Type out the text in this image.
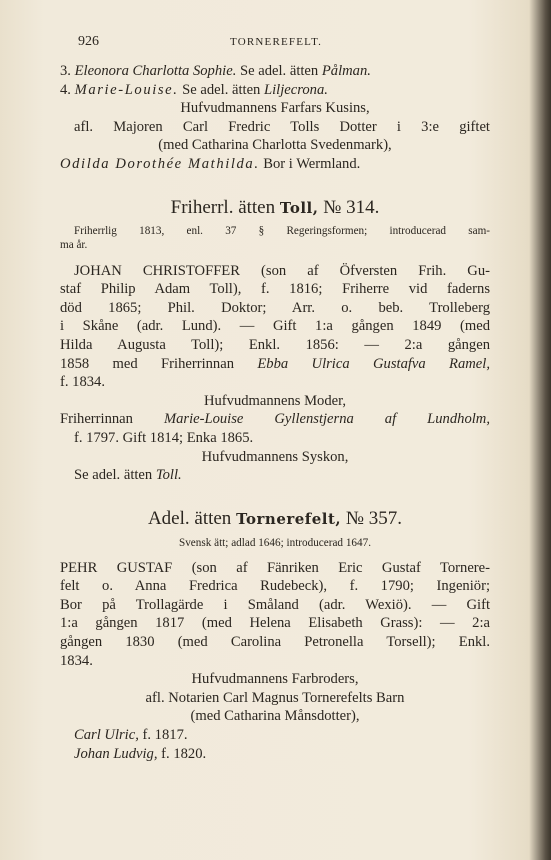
926	TORNEREFELT.
3. Eleonora Charlotta Sophie. Se adel. ätten Pålman.
4. Marie-Louise. Se adel. ätten Liljecrona.
Hufvudmannens Farfars Kusins,
afl. Majoren Carl Fredric Tolls Dotter i 3:e giftet
(med Catharina Charlotta Svedenmark),
Odilda Dorothée Mathilda. Bor i Wermland.
Friherrl. ätten Toll, № 314.
Friherrlig 1813, enl. 37 § Regeringsformen; introducerad sam-
ma år.
JOHAN CHRISTOFFER (son af Öfversten Frih. Gu-
staf Philip Adam Toll), f. 1816; Friherre vid faderns
död 1865; Phil. Doktor; Arr. o. beb. Trolleberg
i Skåne (adr. Lund). — Gift 1:a gången 1849 (med
Hilda Augusta Toll); Enkl. 1856: — 2:a gången
1858 med Friherrinnan Ebba Ulrica Gustafva Ramel,
f. 1834.
Hufvudmannens Moder,
Friherrinnan Marie-Louise Gyllenstjerna af Lundholm,
f. 1797. Gift 1814; Enka 1865.
Hufvudmannens Syskon,
Se adel. ätten Toll.
Adel. ätten Tornerefelt, № 357.
Svensk ätt; adlad 1646; introducerad 1647.
PEHR GUSTAF (son af Fänriken Eric Gustaf Tornere-
felt o. Anna Fredrica Rudebeck), f. 1790; Ingeniör;
Bor på Trollagärde i Småland (adr. Wexiö). — Gift
1:a gången 1817 (med Helena Elisabeth Grass): — 2:a
gången 1830 (med Carolina Petronella Torsell); Enkl.
1834.
Hufvudmannens Farbroders,
afl. Notarien Carl Magnus Tornerefelts Barn
(med Catharina Månsdotter),
Carl Ulric, f. 1817.
Johan Ludvig, f. 1820.
